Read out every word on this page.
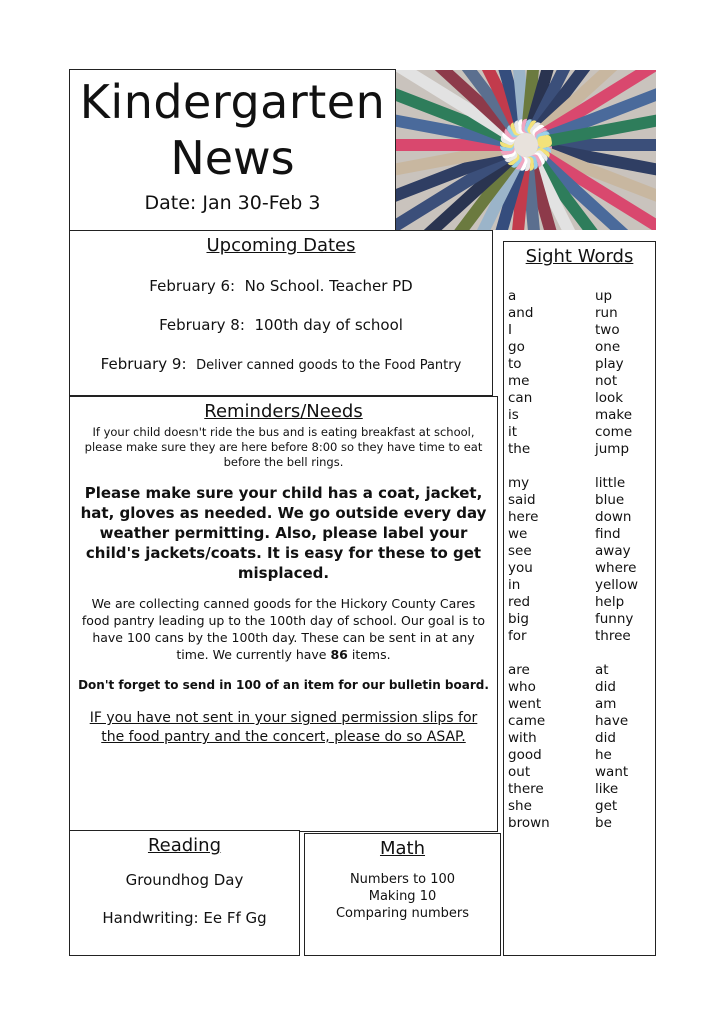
Kindergarten
News
Date: Jan 30-Feb 3
Upcoming Dates
February 6: No School. Teacher PD
February 8: 100th day of school
February 9: Deliver canned goods to the Food Pantry
Reminders/Needs
If your child doesn't ride the bus and is eating breakfast at school, please make sure they are here before 8:00 so they have time to eat before the bell rings.
Please make sure your child has a coat, jacket, hat, gloves as needed. We go outside every day weather permitting. Also, please label your child's jackets/coats. It is easy for these to get misplaced.
We are collecting canned goods for the Hickory County Cares food pantry leading up to the 100th day of school. Our goal is to have 100 cans by the 100th day. These can be sent in at any time. We currently have 86 items.
Don't forget to send in 100 of an item for our bulletin board.
IF you have not sent in your signed permission slips for the food pantry and the concert, please do so ASAP.
Reading
Groundhog Day
Handwriting: Ee Ff Gg
Math
Numbers to 100
Making 10
Comparing numbers
Sight Words
a
and
I
go
to
me
can
is
it
the
my
said
here
we
see
you
in
red
big
for
are
who
went
came
with
good
out
there
she
brown
up
run
two
one
play
not
look
make
come
jump
little
blue
down
find
away
where
yellow
help
funny
three
at
did
am
have
did
he
want
like
get
be
